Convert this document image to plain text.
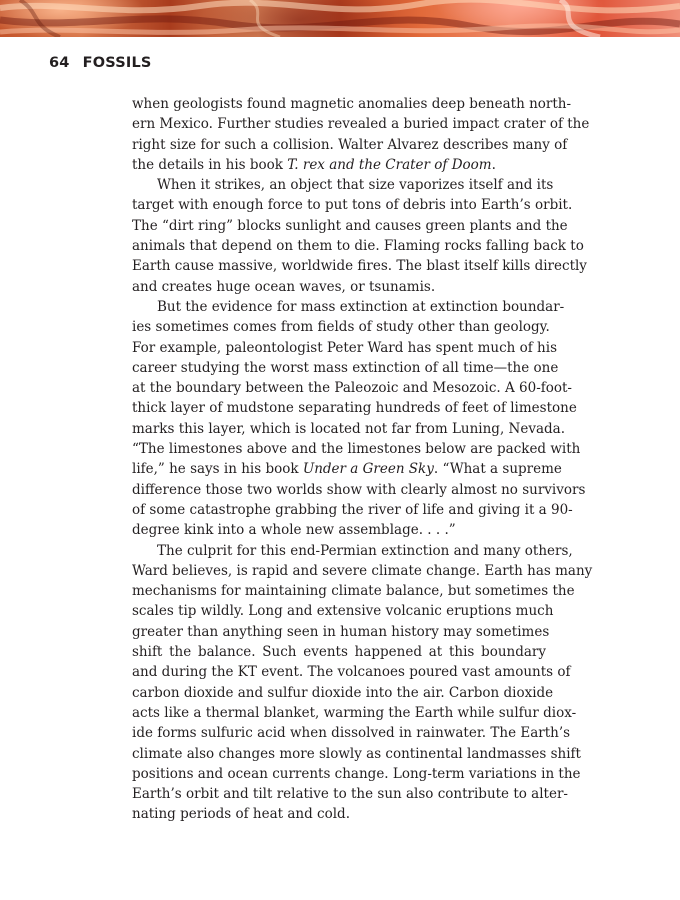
64 FOSSILS
when geologists found magnetic anomalies deep beneath north-
ern Mexico. Further studies revealed a buried impact crater of the
right size for such a collision. Walter Alvarez describes many of
the details in his book T. rex and the Crater of Doom.
When it strikes, an object that size vaporizes itself and its
target with enough force to put tons of debris into Earth’s orbit.
The “dirt ring” blocks sunlight and causes green plants and the
animals that depend on them to die. Flaming rocks falling back to
Earth cause massive, worldwide fires. The blast itself kills directly
and creates huge ocean waves, or tsunamis.
But the evidence for mass extinction at extinction boundar-
ies sometimes comes from fields of study other than geology.
For example, paleontologist Peter Ward has spent much of his
career studying the worst mass extinction of all time—the one
at the boundary between the Paleozoic and Mesozoic. A 60-foot-
thick layer of mudstone separating hundreds of feet of limestone
marks this layer, which is located not far from Luning, Nevada.
“The limestones above and the limestones below are packed with
life,” he says in his book Under a Green Sky. “What a supreme
difference those two worlds show with clearly almost no survivors
of some catastrophe grabbing the river of life and giving it a 90-
degree kink into a whole new assemblage. . . .”
The culprit for this end-Permian extinction and many others,
Ward believes, is rapid and severe climate change. Earth has many
mechanisms for maintaining climate balance, but sometimes the
scales tip wildly. Long and extensive volcanic eruptions much
greater than anything seen in human history may sometimes
shift the balance. Such events happened at this boundary
and during the KT event. The volcanoes poured vast amounts of
carbon dioxide and sulfur dioxide into the air. Carbon dioxide
acts like a thermal blanket, warming the Earth while sulfur diox-
ide forms sulfuric acid when dissolved in rainwater. The Earth’s
climate also changes more slowly as continental landmasses shift
positions and ocean currents change. Long-term variations in the
Earth’s orbit and tilt relative to the sun also contribute to alter-
nating periods of heat and cold.
